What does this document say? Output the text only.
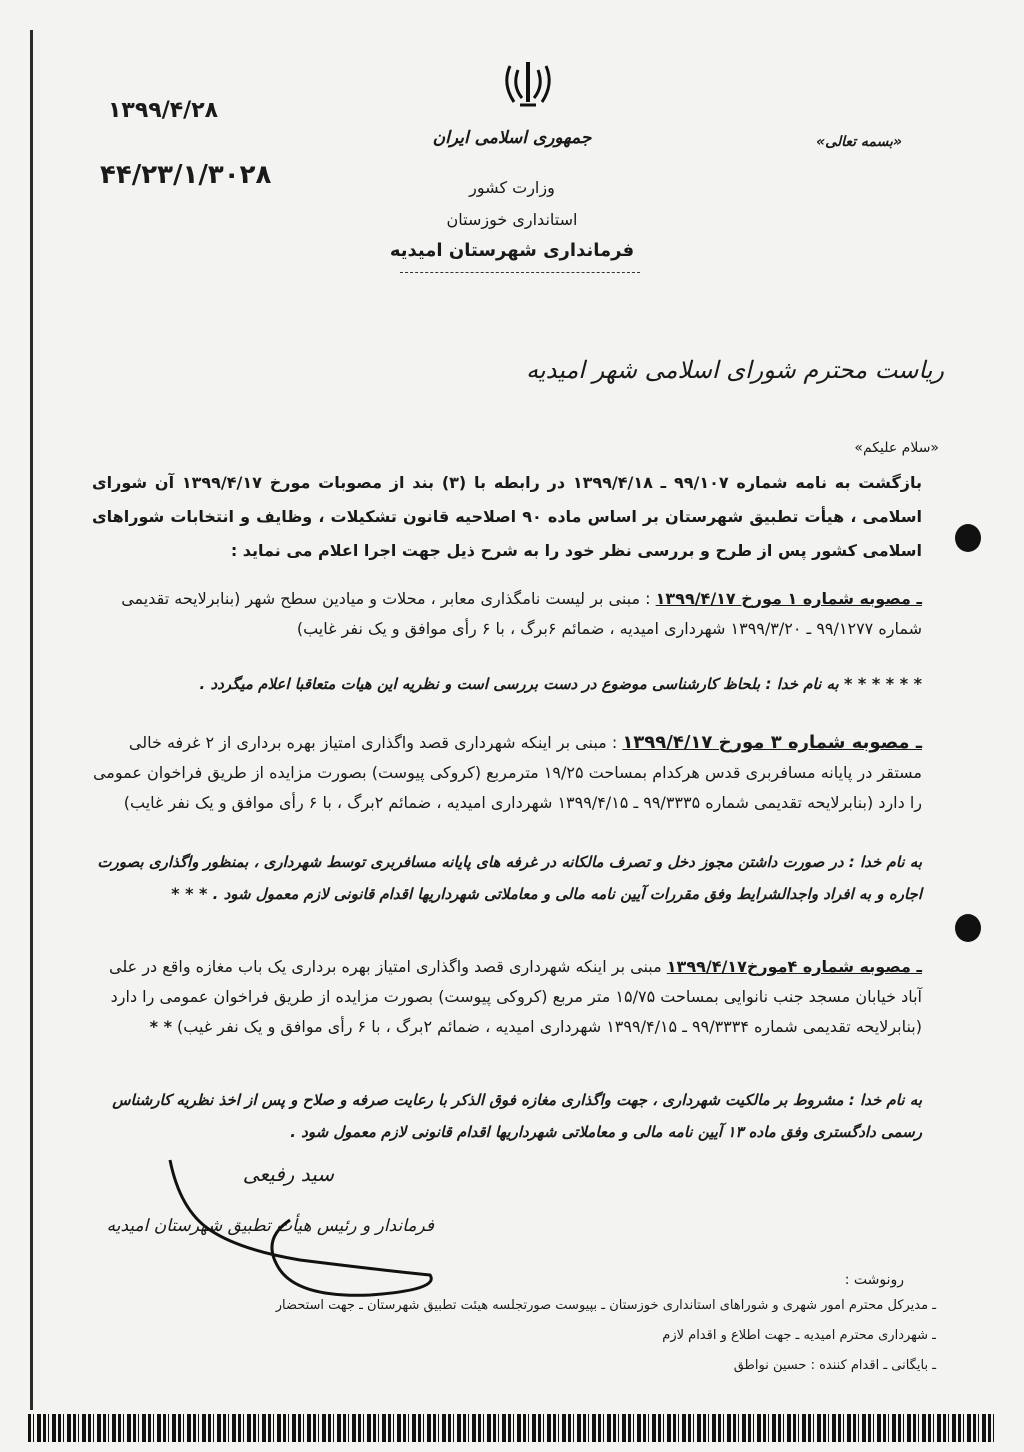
۱۳۹۹/۴/۲۸
۴۴/۲۳/۱/۳۰۲۸
جمهوری اسلامی ایران
وزارت کشور
استانداری خوزستان
فرمانداری شهرستان امیدیه
«بسمه تعالی»
ریاست محترم شورای اسلامی شهر امیدیه
«سلام علیکم»
بازگشت به نامه شماره ۹۹/۱۰۷ ـ ۱۳۹۹/۴/۱۸ در رابطه با (۳) بند از مصوبات مورخ ۱۳۹۹/۴/۱۷ آن شورای اسلامی ، هیأت تطبیق شهرستان بر اساس ماده ۹۰ اصلاحیه قانون تشکیلات ، وظایف و انتخابات شوراهای اسلامی کشور پس از طرح و بررسی نظر خود را به شرح ذیل جهت اجرا اعلام می نماید :
ـ مصوبه شماره ۱ مورخ ۱۳۹۹/۴/۱۷ : مبنی بر لیست نامگذاری معابر ، محلات و میادین سطح شهر (بنابرلایحه تقدیمی شماره ۹۹/۱۲۷۷ ـ ۱۳۹۹/۳/۲۰ شهرداری امیدیه ، ضمائم ۶برگ ، با ۶ رأی موافق و یک نفر غایب)
* * * * * * به نام خدا : بلحاظ کارشناسی موضوع در دست بررسی است و نظریه این هیات متعاقبا اعلام میگردد .
ـ مصوبه شماره ۳ مورخ ۱۳۹۹/۴/۱۷ : مبنی بر اینکه شهرداری قصد واگذاری امتیاز بهره برداری از ۲ غرفه خالی مستقر در پایانه مسافربری قدس هرکدام بمساحت ۱۹/۲۵ مترمربع (کروکی پیوست) بصورت مزایده از طریق فراخوان عمومی را دارد (بنابرلایحه تقدیمی شماره ۹۹/۳۳۳۵ ـ ۱۳۹۹/۴/۱۵ شهرداری امیدیه ، ضمائم ۲برگ ، با ۶ رأی موافق و یک نفر غایب)
به نام خدا : در صورت داشتن مجوز دخل و تصرف مالکانه در غرفه های پایانه مسافربری توسط شهرداری ، بمنظور واگذاری بصورت اجاره و به افراد واجدالشرایط وفق مقررات آیین نامه مالی و معاملاتی شهرداریها اقدام قانونی لازم معمول شود . * * *
ـ مصوبه شماره ۴مورخ۱۳۹۹/۴/۱۷ مبنی بر اینکه شهرداری قصد واگذاری امتیاز بهره برداری یک باب مغازه واقع در علی آباد خیابان مسجد جنب نانوایی بمساحت ۱۵/۷۵ متر مربع (کروکی پیوست) بصورت مزایده از طریق فراخوان عمومی را دارد (بنابرلایحه تقدیمی شماره ۹۹/۳۳۳۴ ـ ۱۳۹۹/۴/۱۵ شهرداری امیدیه ، ضمائم ۲برگ ، با ۶ رأی موافق و یک نفر غیب) * *
به نام خدا : مشروط بر مالکیت شهرداری ، جهت واگذاری مغازه فوق الذکر با رعایت صرفه و صلاح و پس از اخذ نظریه کارشناس رسمی دادگستری وفق ماده ۱۳ آیین نامه مالی و معاملاتی شهرداریها اقدام قانونی لازم معمول شود .
سید رفیعی
فرماندار و رئیس هیأت تطبیق شهرستان امیدیه
رونوشت :
ـ مدیرکل محترم امور شهری و شوراهای استانداری خوزستان ـ بپیوست صورتجلسه هیئت تطبیق شهرستان ـ جهت استحضار
ـ شهرداری محترم امیدیه ـ جهت اطلاع و اقدام لازم
ـ بایگانی ـ اقدام کننده : حسین نواطق
